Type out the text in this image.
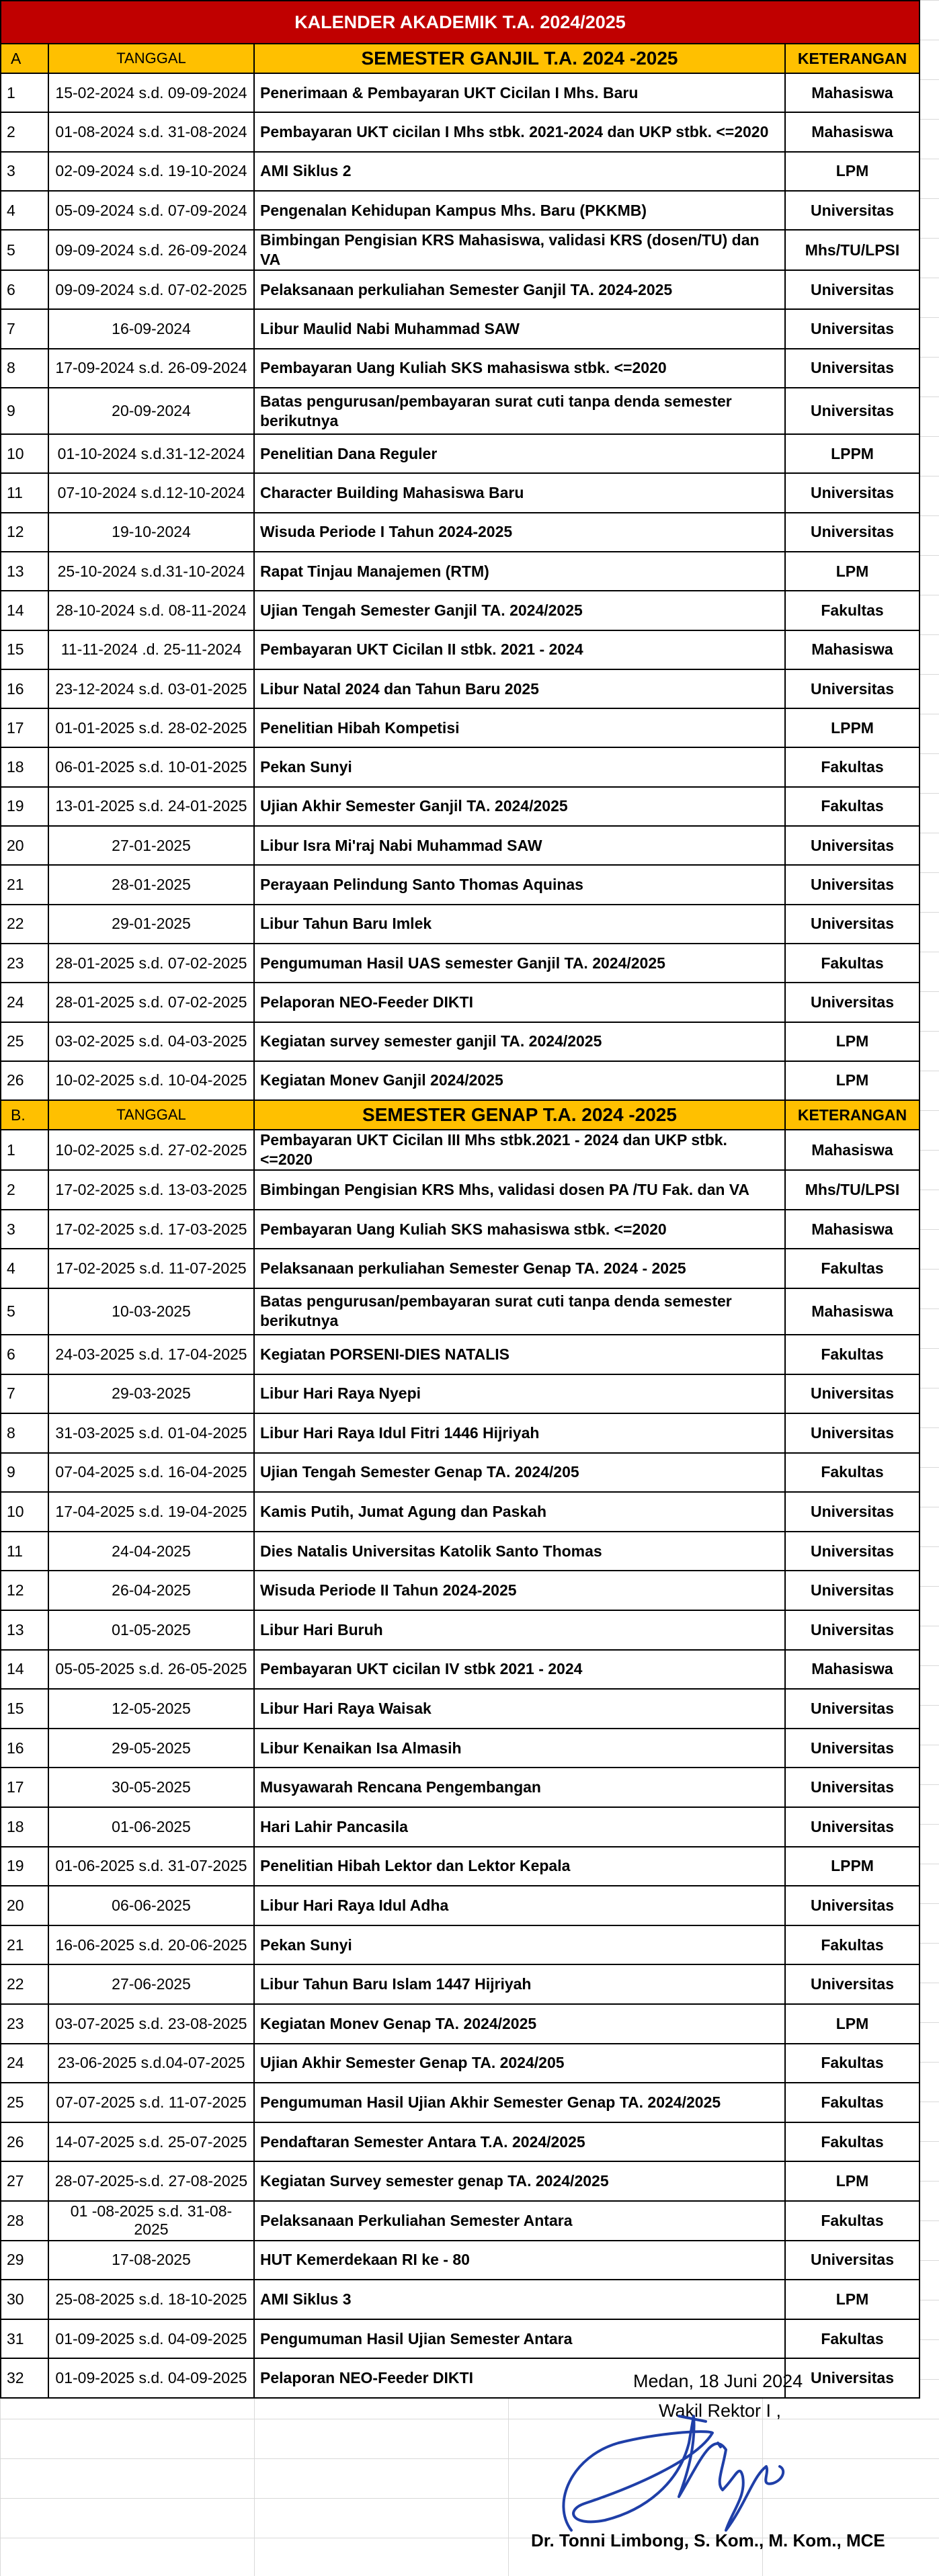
KALENDER AKADEMIK T.A. 2024/2025			
A	TANGGAL	SEMESTER GANJIL T.A. 2024 -2025	KETERANGAN
1	15-02-2024 s.d. 09-09-2024	Penerimaan & Pembayaran UKT Cicilan I Mhs. Baru	Mahasiswa
2	01-08-2024 s.d. 31-08-2024	Pembayaran UKT cicilan I Mhs stbk. 2021-2024 dan UKP stbk. <=2020	Mahasiswa
3	02-09-2024 s.d. 19-10-2024	AMI Siklus 2	LPM
4	05-09-2024 s.d. 07-09-2024	Pengenalan Kehidupan Kampus Mhs. Baru (PKKMB)	Universitas
5	09-09-2024 s.d. 26-09-2024	Bimbingan Pengisian KRS Mahasiswa, validasi KRS (dosen/TU) dan VA	Mhs/TU/LPSI
6	09-09-2024 s.d. 07-02-2025	Pelaksanaan perkuliahan Semester Ganjil TA. 2024-2025	Universitas
7	16-09-2024	Libur Maulid Nabi Muhammad SAW	Universitas
8	17-09-2024 s.d. 26-09-2024	Pembayaran Uang Kuliah SKS mahasiswa stbk. <=2020	Universitas
9	20-09-2024	Batas pengurusan/pembayaran surat cuti tanpa denda semester berikutnya	Universitas
10	01-10-2024 s.d.31-12-2024	Penelitian Dana Reguler	LPPM
11	07-10-2024 s.d.12-10-2024	Character Building Mahasiswa Baru	Universitas
12	19-10-2024	Wisuda Periode I Tahun 2024-2025	Universitas
13	25-10-2024 s.d.31-10-2024	Rapat Tinjau Manajemen (RTM)	LPM
14	28-10-2024 s.d. 08-11-2024	Ujian Tengah Semester Ganjil TA. 2024/2025	Fakultas
15	11-11-2024 .d. 25-11-2024	Pembayaran UKT Cicilan II stbk. 2021 - 2024	Mahasiswa
16	23-12-2024 s.d. 03-01-2025	Libur Natal 2024 dan Tahun Baru 2025	Universitas
17	01-01-2025 s.d. 28-02-2025	Penelitian Hibah Kompetisi	LPPM
18	06-01-2025 s.d. 10-01-2025	Pekan Sunyi	Fakultas
19	13-01-2025 s.d. 24-01-2025	Ujian Akhir Semester Ganjil TA. 2024/2025	Fakultas
20	27-01-2025	Libur Isra Mi'raj Nabi Muhammad SAW	Universitas
21	28-01-2025	Perayaan Pelindung Santo Thomas Aquinas	Universitas
22	29-01-2025	Libur Tahun Baru Imlek	Universitas
23	28-01-2025 s.d. 07-02-2025	Pengumuman Hasil UAS semester Ganjil TA. 2024/2025	Fakultas
24	28-01-2025 s.d. 07-02-2025	Pelaporan NEO-Feeder DIKTI	Universitas
25	03-02-2025 s.d. 04-03-2025	Kegiatan survey semester ganjil TA. 2024/2025	LPM
26	10-02-2025 s.d. 10-04-2025	Kegiatan Monev Ganjil 2024/2025	LPM
B.	TANGGAL	SEMESTER GENAP T.A. 2024 -2025	KETERANGAN
1	10-02-2025 s.d. 27-02-2025	Pembayaran UKT Cicilan III Mhs stbk.2021 - 2024 dan UKP stbk. <=2020	Mahasiswa
2	17-02-2025 s.d. 13-03-2025	Bimbingan Pengisian KRS Mhs, validasi dosen PA /TU Fak. dan VA	Mhs/TU/LPSI
3	17-02-2025 s.d. 17-03-2025	Pembayaran Uang Kuliah SKS mahasiswa stbk. <=2020	Mahasiswa
4	17-02-2025 s.d. 11-07-2025	Pelaksanaan perkuliahan Semester Genap TA. 2024 - 2025	Fakultas
5	10-03-2025	Batas pengurusan/pembayaran surat cuti tanpa denda semester berikutnya	Mahasiswa
6	24-03-2025 s.d. 17-04-2025	Kegiatan PORSENI-DIES NATALIS	Fakultas
7	29-03-2025	Libur Hari Raya Nyepi	Universitas
8	31-03-2025 s.d. 01-04-2025	Libur Hari Raya Idul Fitri 1446 Hijriyah	Universitas
9	07-04-2025 s.d. 16-04-2025	Ujian Tengah Semester Genap TA. 2024/205	Fakultas
10	17-04-2025 s.d. 19-04-2025	Kamis Putih, Jumat Agung dan Paskah	Universitas
11	24-04-2025	Dies Natalis Universitas Katolik Santo Thomas	Universitas
12	26-04-2025	Wisuda Periode II Tahun 2024-2025	Universitas
13	01-05-2025	Libur Hari Buruh	Universitas
14	05-05-2025 s.d. 26-05-2025	Pembayaran UKT cicilan IV stbk 2021 - 2024	Mahasiswa
15	12-05-2025	Libur Hari Raya Waisak	Universitas
16	29-05-2025	Libur Kenaikan Isa Almasih	Universitas
17	30-05-2025	Musyawarah Rencana Pengembangan	Universitas
18	01-06-2025	Hari Lahir Pancasila	Universitas
19	01-06-2025 s.d. 31-07-2025	Penelitian Hibah Lektor dan Lektor Kepala	LPPM
20	06-06-2025	Libur Hari Raya Idul Adha	Universitas
21	16-06-2025 s.d. 20-06-2025	Pekan Sunyi	Fakultas
22	27-06-2025	Libur Tahun Baru Islam 1447 Hijriyah	Universitas
23	03-07-2025 s.d. 23-08-2025	Kegiatan Monev Genap TA. 2024/2025	LPM
24	23-06-2025 s.d.04-07-2025	Ujian Akhir Semester Genap TA. 2024/205	Fakultas
25	07-07-2025 s.d. 11-07-2025	Pengumuman Hasil Ujian Akhir Semester Genap TA. 2024/2025	Fakultas
26	14-07-2025 s.d. 25-07-2025	Pendaftaran Semester Antara T.A. 2024/2025	Fakultas
27	28-07-2025-s.d. 27-08-2025	Kegiatan Survey semester genap TA. 2024/2025	LPM
28	01 -08-2025 s.d. 31-08-2025	Pelaksanaan Perkuliahan Semester Antara	Fakultas
29	17-08-2025	HUT Kemerdekaan RI ke - 80	Universitas
30	25-08-2025 s.d. 18-10-2025	AMI Siklus 3	LPM
31	01-09-2025 s.d. 04-09-2025	Pengumuman Hasil Ujian Semester Antara	Fakultas
32	01-09-2025 s.d. 04-09-2025	Pelaporan NEO-Feeder DIKTI	Universitas
Medan, 18 Juni 2024
Wakil Rektor I ,
Dr. Tonni Limbong, S. Kom., M. Kom., MCE
